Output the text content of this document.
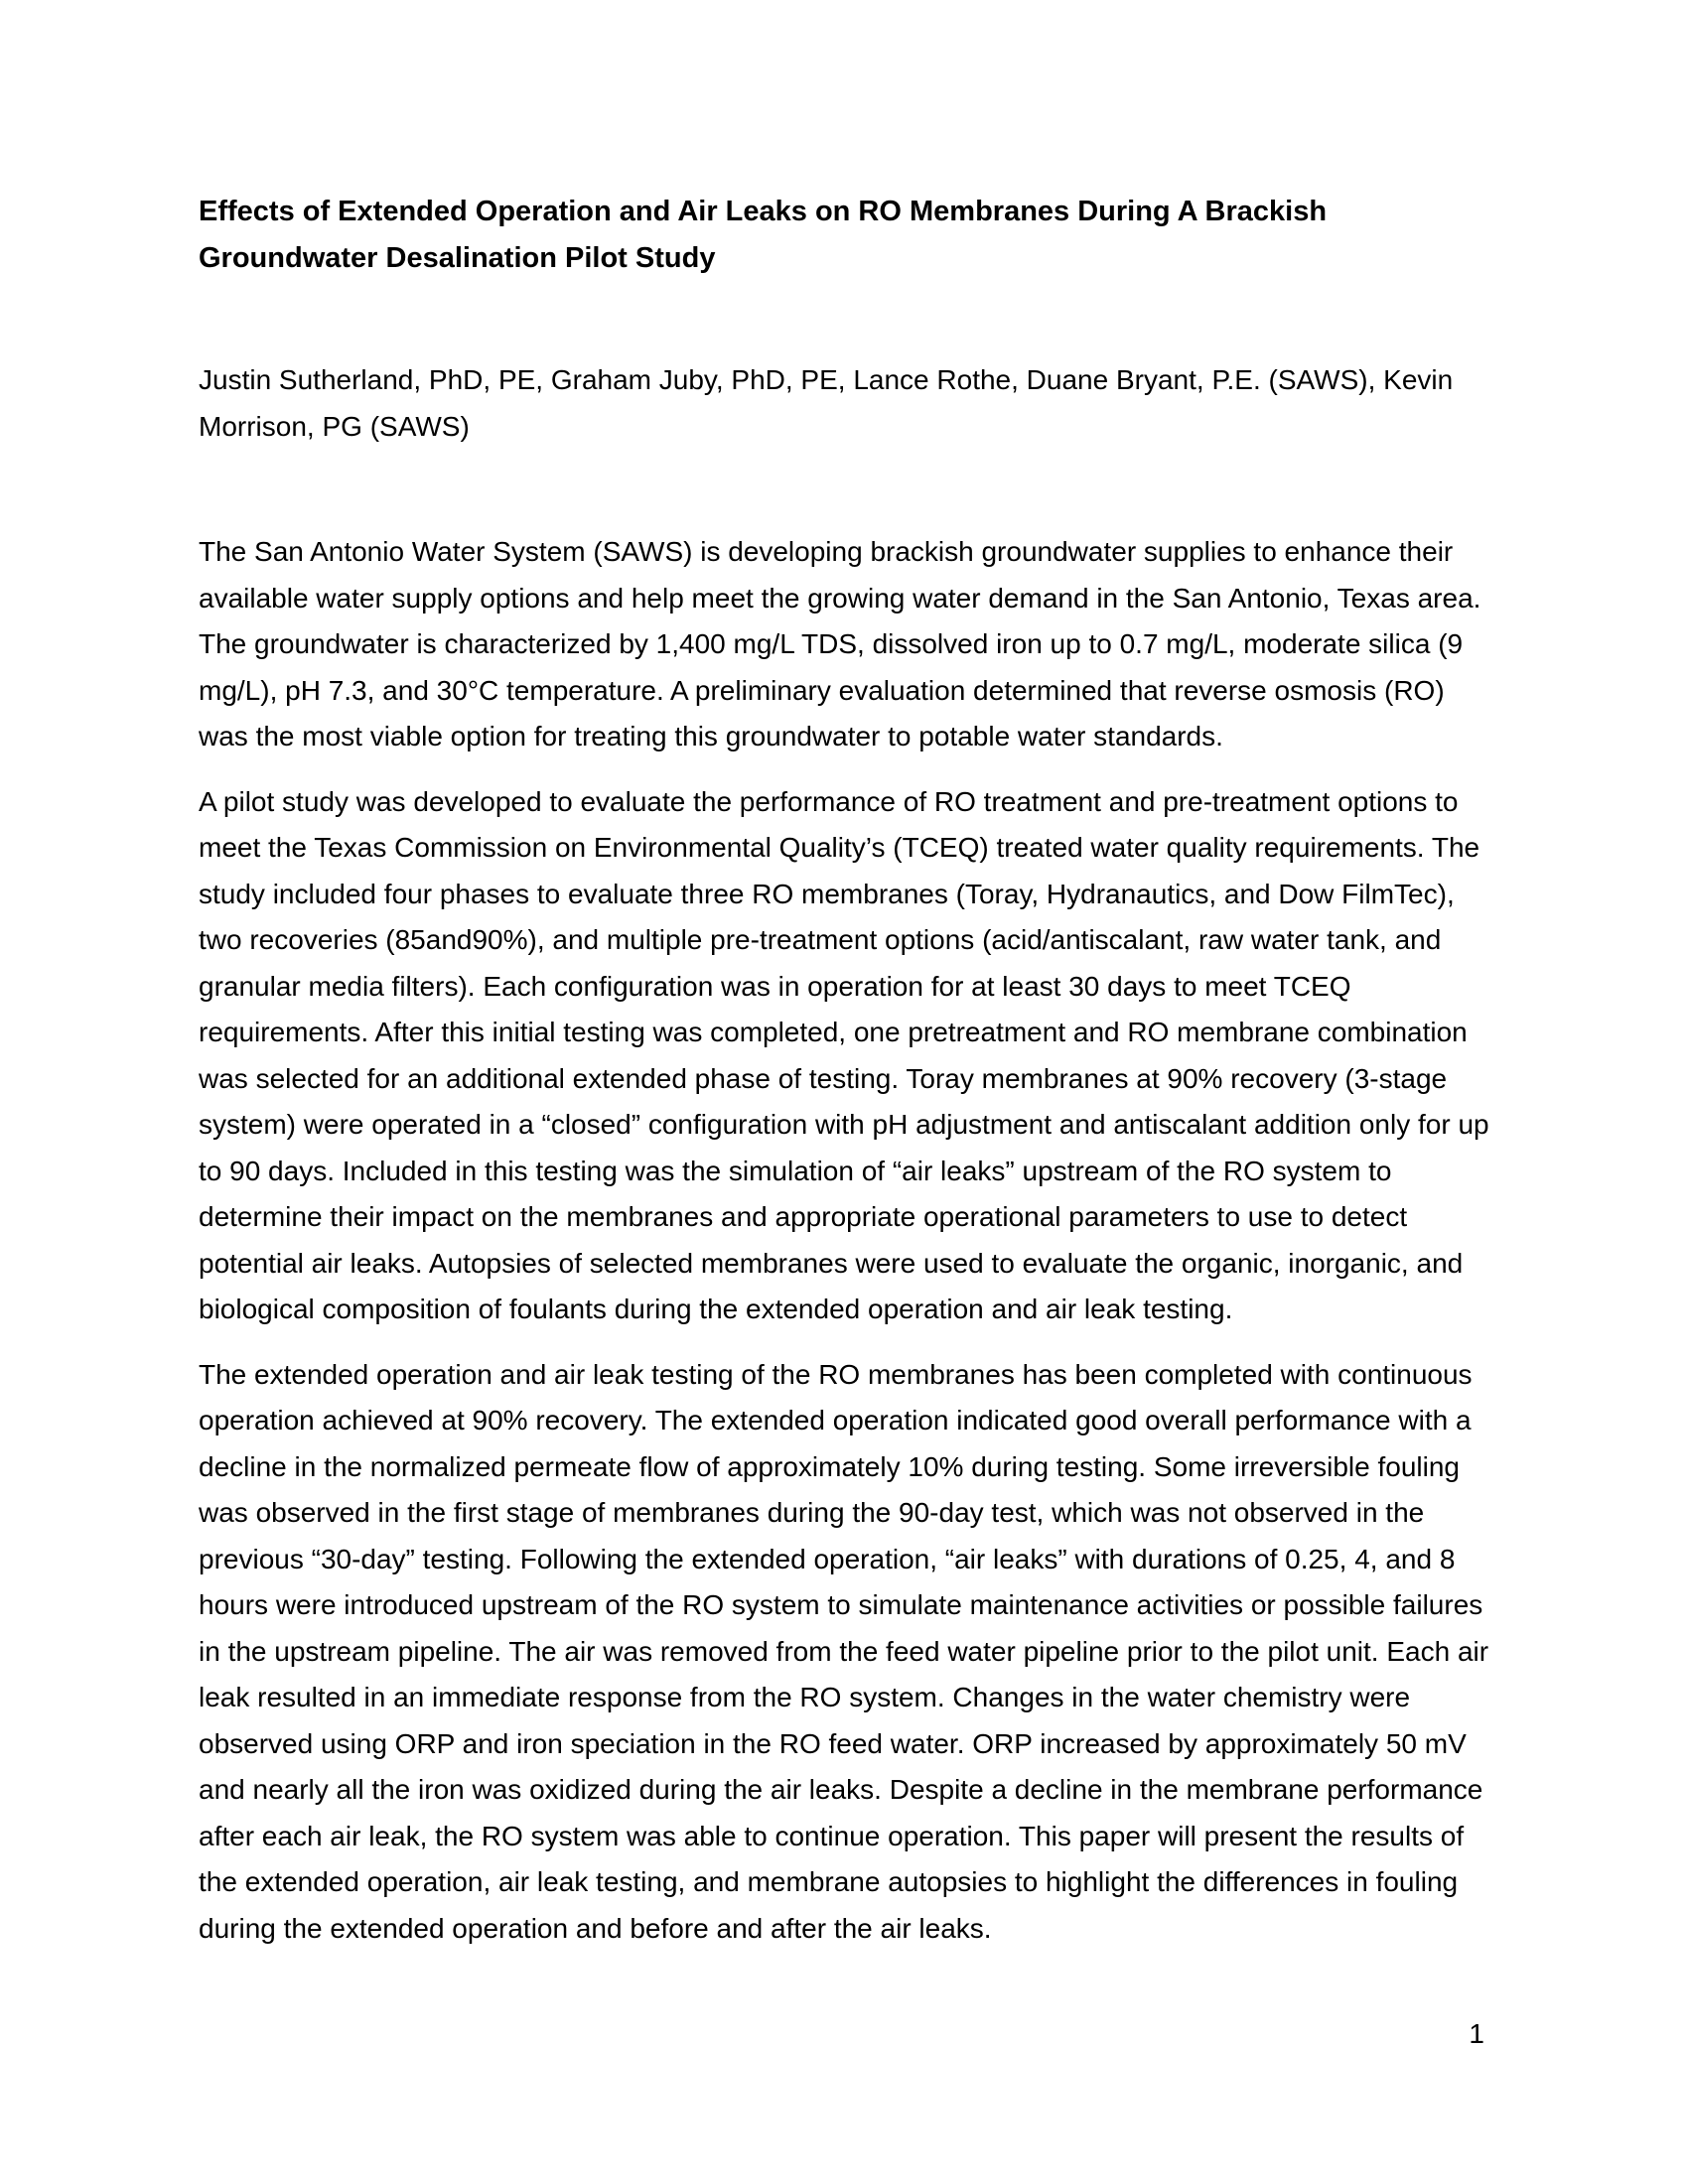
Effects of Extended Operation and Air Leaks on RO Membranes During A Brackish Groundwater Desalination Pilot Study

Justin Sutherland, PhD, PE, Graham Juby, PhD, PE, Lance Rothe, Duane Bryant, P.E. (SAWS), Kevin Morrison, PG (SAWS)

The San Antonio Water System (SAWS) is developing brackish groundwater supplies to enhance their available water supply options and help meet the growing water demand in the San Antonio, Texas area. The groundwater is characterized by 1,400 mg/L TDS, dissolved iron up to 0.7 mg/L, moderate silica (9 mg/L), pH 7.3, and 30°C temperature. A preliminary evaluation determined that reverse osmosis (RO) was the most viable option for treating this groundwater to potable water standards.

A pilot study was developed to evaluate the performance of RO treatment and pre-treatment options to meet the Texas Commission on Environmental Quality’s (TCEQ) treated water quality requirements. The study included four phases to evaluate three RO membranes (Toray, Hydranautics, and Dow FilmTec), two recoveries (85and90%), and multiple pre-treatment options (acid/antiscalant, raw water tank, and granular media filters). Each configuration was in operation for at least 30 days to meet TCEQ requirements. After this initial testing was completed, one pretreatment and RO membrane combination was selected for an additional extended phase of testing. Toray membranes at 90% recovery (3-stage system) were operated in a “closed” configuration with pH adjustment and antiscalant addition only for up to 90 days. Included in this testing was the simulation of “air leaks” upstream of the RO system to determine their impact on the membranes and appropriate operational parameters to use to detect potential air leaks. Autopsies of selected membranes were used to evaluate the organic, inorganic, and biological composition of foulants during the extended operation and air leak testing.

The extended operation and air leak testing of the RO membranes has been completed with continuous operation achieved at 90% recovery. The extended operation indicated good overall performance with a decline in the normalized permeate flow of approximately 10% during testing. Some irreversible fouling was observed in the first stage of membranes during the 90-day test, which was not observed in the previous “30-day” testing. Following the extended operation, “air leaks” with durations of 0.25, 4, and 8 hours were introduced upstream of the RO system to simulate maintenance activities or possible failures in the upstream pipeline. The air was removed from the feed water pipeline prior to the pilot unit. Each air leak resulted in an immediate response from the RO system. Changes in the water chemistry were observed using ORP and iron speciation in the RO feed water. ORP increased by approximately 50 mV and nearly all the iron was oxidized during the air leaks. Despite a decline in the membrane performance after each air leak, the RO system was able to continue operation. This paper will present the results of the extended operation, air leak testing, and membrane autopsies to highlight the differences in fouling during the extended operation and before and after the air leaks.

1
